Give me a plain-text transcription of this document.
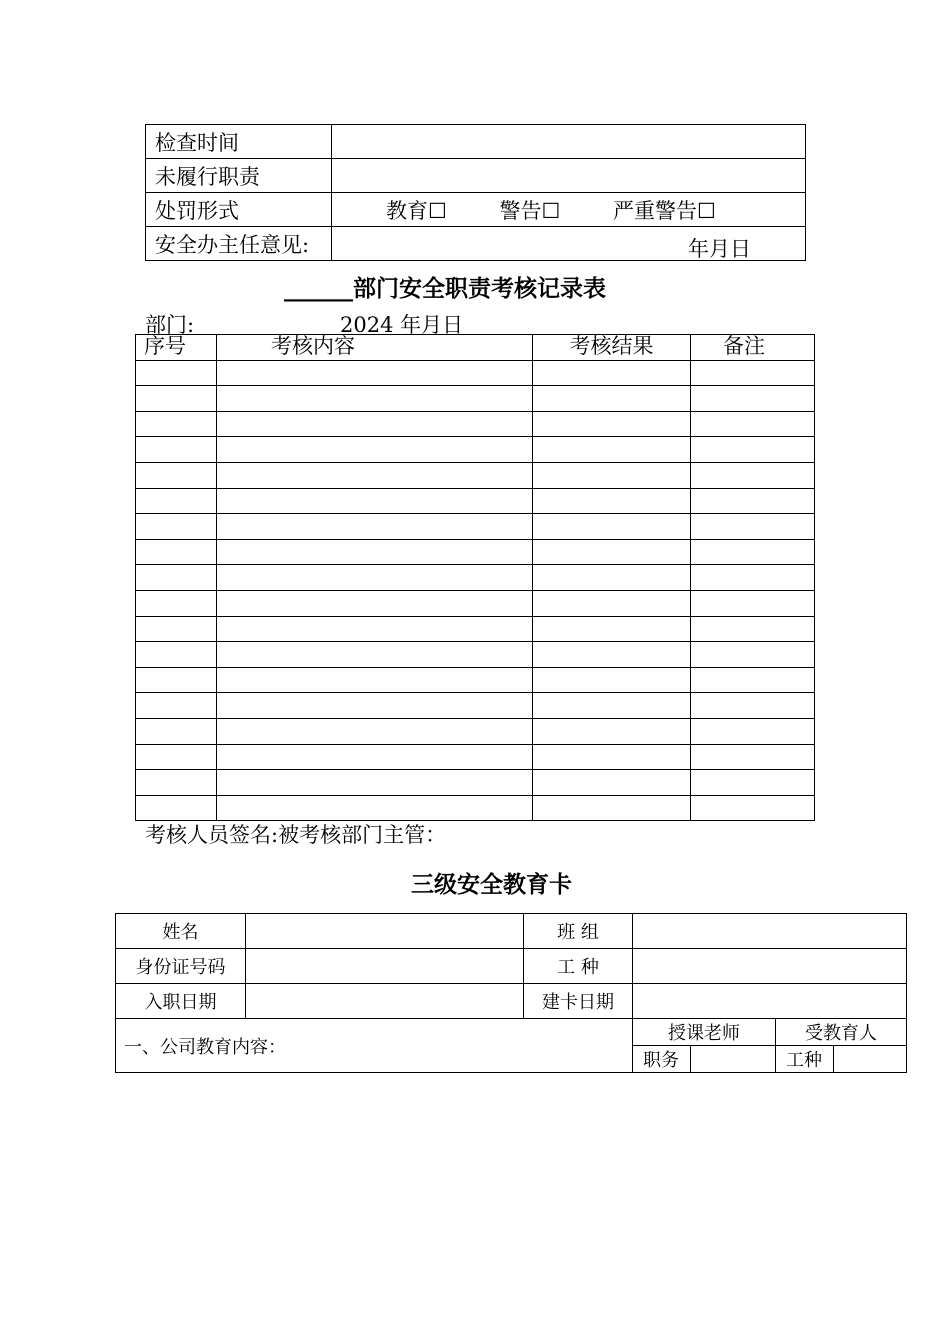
检查时间	
未履行职责	
处罚形式	教育☐ 警告☐ 严重警告☐
安全办主任意见:	年月日
______部门安全职责考核记录表
部门:	2024 年月日
序号	考核内容	考核结果	备注

考核人员签名:被考核部门主管：
三级安全教育卡
姓名		班 组				
身份证号码		工 种				
入职日期		建卡日期				
一、公司教育内容：			授课老师		受教育人	
			职务		工种	
